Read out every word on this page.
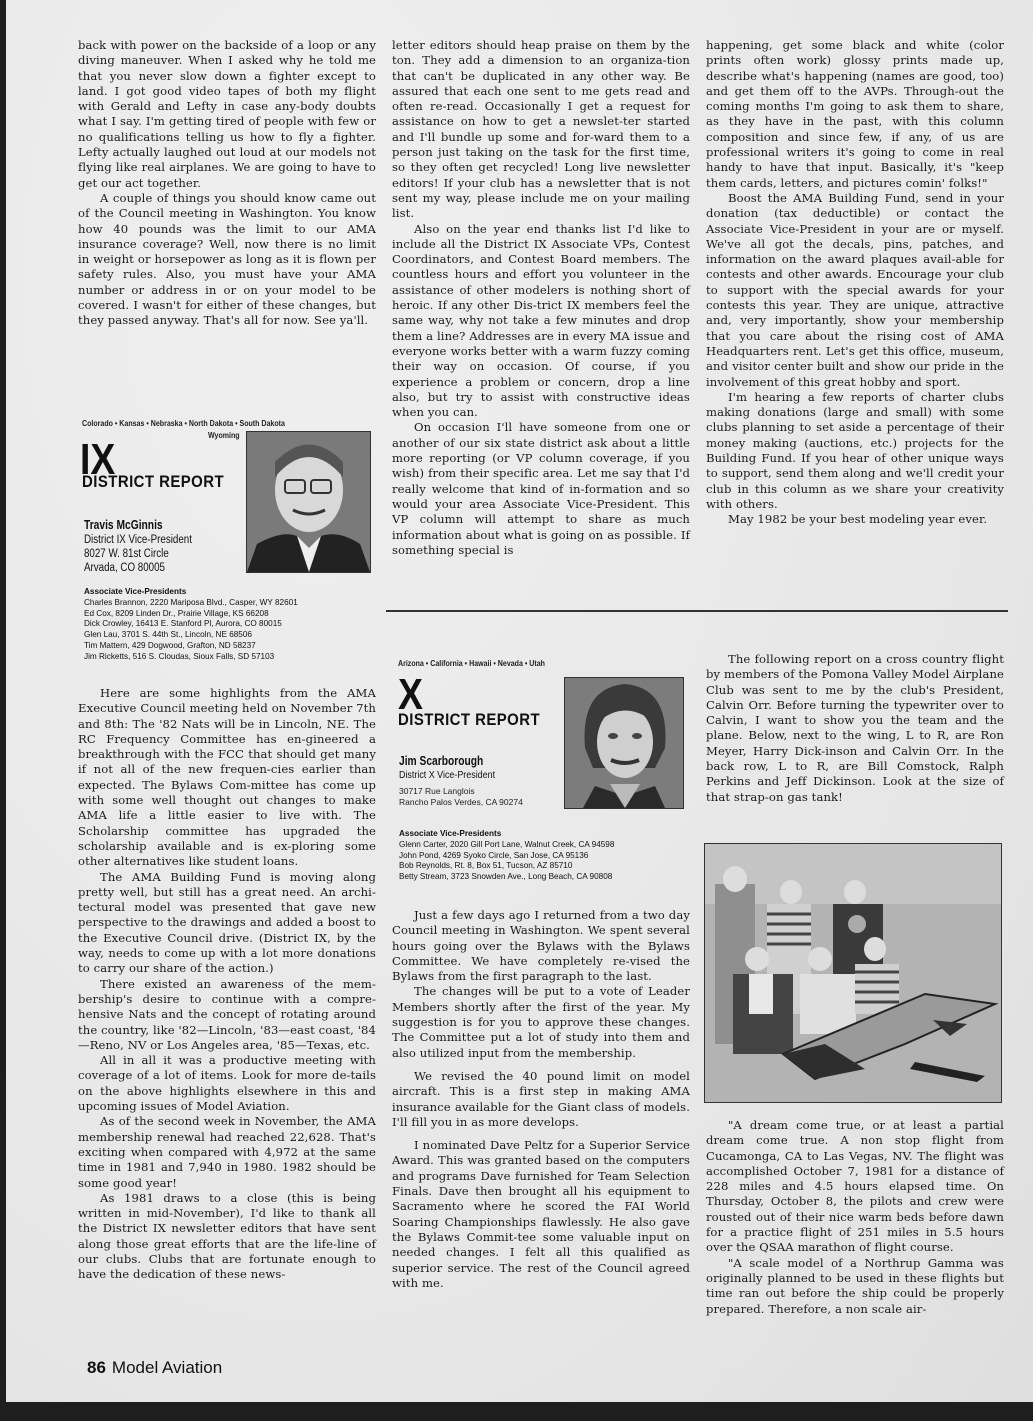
back with power on the backside of a loop or any diving maneuver. When I asked why he told me that you never slow down a fighter except to land. I got good video tapes of both my flight with Gerald and Lefty in case any-body doubts what I say. I'm getting tired of people with few or no qualifications telling us how to fly a fighter. Lefty actually laughed out loud at our models not flying like real airplanes. We are going to have to get our act together.

A couple of things you should know came out of the Council meeting in Washington. You know how 40 pounds was the limit to our AMA insurance coverage? Well, now there is no limit in weight or horsepower as long as it is flown per safety rules. Also, you must have your AMA number or address in or on your model to be covered. I wasn't for either of these changes, but they passed anyway. That's all for now. See ya'll.

Colorado • Kansas • Nebraska • North Dakota • South Dakota
Wyoming
IX
DISTRICT REPORT
Travis McGinnis
District IX Vice-President
8027 W. 81st Circle
Arvada, CO 80005
Associate Vice-Presidents
Charles Brannon, 2220 Mariposa Blvd., Casper, WY 82601
Ed Cox, 8209 Linden Dr., Prairie Village, KS 66208
Dick Crowley, 16413 E. Stanford Pl, Aurora, CO 80015
Glen Lau, 3701 S. 44th St., Lincoln, NE 68506
Tim Mattern, 429 Dogwood, Grafton, ND 58237
Jim Ricketts, 516 S. Cloudas, Sioux Falls, SD 57103

Here are some highlights from the AMA Executive Council meeting held on November 7th and 8th: The '82 Nats will be in Lincoln, NE. The RC Frequency Committee has en-gineered a breakthrough with the FCC that should get many if not all of the new frequen-cies earlier than expected. The Bylaws Com-mittee has come up with some well thought out changes to make AMA life a little easier to live with. The Scholarship committee has upgraded the scholarship available and is ex-ploring some other alternatives like student loans.

The AMA Building Fund is moving along pretty well, but still has a great need. An archi-tectural model was presented that gave new perspective to the drawings and added a boost to the Executive Council drive. (District IX, by the way, needs to come up with a lot more donations to carry our share of the action.)

There existed an awareness of the mem-bership's desire to continue with a compre-hensive Nats and the concept of rotating around the country, like '82—Lincoln, '83—east coast, '84—Reno, NV or Los Angeles area, '85—Texas, etc.

All in all it was a productive meeting with coverage of a lot of items. Look for more de-tails on the above highlights elsewhere in this and upcoming issues of Model Aviation.

As of the second week in November, the AMA membership renewal had reached 22,628. That's exciting when compared with 4,972 at the same time in 1981 and 7,940 in 1980. 1982 should be some good year!

As 1981 draws to a close (this is being written in mid-November), I'd like to thank all the District IX newsletter editors that have sent along those great efforts that are the life-line of our clubs. Clubs that are fortunate enough to have the dedication of these news-

letter editors should heap praise on them by the ton. They add a dimension to an organiza-tion that can't be duplicated in any other way. Be assured that each one sent to me gets read and often re-read. Occasionally I get a request for assistance on how to get a newslet-ter started and I'll bundle up some and for-ward them to a person just taking on the task for the first time, so they often get recycled! Long live newsletter editors! If your club has a newsletter that is not sent my way, please include me on your mailing list.

Also on the year end thanks list I'd like to include all the District IX Associate VPs, Contest Coordinators, and Contest Board members. The countless hours and effort you volunteer in the assistance of other modelers is nothing short of heroic. If any other Dis-trict IX members feel the same way, why not take a few minutes and drop them a line? Addresses are in every MA issue and everyone works better with a warm fuzzy coming their way on occasion. Of course, if you experience a problem or concern, drop a line also, but try to assist with constructive ideas when you can.

On occasion I'll have someone from one or another of our six state district ask about a little more reporting (or VP column coverage, if you wish) from their specific area. Let me say that I'd really welcome that kind of in-formation and so would your area Associate Vice-President. This VP column will attempt to share as much information about what is going on as possible. If something special is

happening, get some black and white (color prints often work) glossy prints made up, describe what's happening (names are good, too) and get them off to the AVPs. Through-out the coming months I'm going to ask them to share, as they have in the past, with this column composition and since few, if any, of us are professional writers it's going to come in real handy to have that input. Basically, it's "keep them cards, letters, and pictures comin' folks!"

Boost the AMA Building Fund, send in your donation (tax deductible) or contact the Associate Vice-President in your are or myself. We've all got the decals, pins, patches, and information on the award plaques avail-able for contests and other awards. Encourage your club to support with the special awards for your contests this year. They are unique, attractive and, very importantly, show your membership that you care about the rising cost of AMA Headquarters rent. Let's get this office, museum, and visitor center built and show our pride in the involvement of this great hobby and sport.

I'm hearing a few reports of charter clubs making donations (large and small) with some clubs planning to set aside a percentage of their money making (auctions, etc.) projects for the Building Fund. If you hear of other unique ways to support, send them along and we'll credit your club in this column as we share your creativity with others.

May 1982 be your best modeling year ever.

Arizona • California • Hawaii • Nevada • Utah
X
DISTRICT REPORT
Jim Scarborough
District X Vice-President
30717 Rue Langlois
Rancho Palos Verdes, CA 90274
Associate Vice-Presidents
Glenn Carter, 2020 Gill Port Lane, Walnut Creek, CA 94598
John Pond, 4269 Syoko Circle, San Jose, CA 95136
Bob Reynolds, Rt. 8, Box 51, Tucson, AZ 85710
Betty Stream, 3723 Snowden Ave., Long Beach, CA 90808

Just a few days ago I returned from a two day Council meeting in Washington. We spent several hours going over the Bylaws with the Bylaws Committee. We have completely re-vised the Bylaws from the first paragraph to the last.

The changes will be put to a vote of Leader Members shortly after the first of the year. My suggestion is for you to approve these changes. The Committee put a lot of study into them and also utilized input from the membership.

We revised the 40 pound limit on model aircraft. This is a first step in making AMA insurance available for the Giant class of models. I'll fill you in as more develops.

I nominated Dave Peltz for a Superior Service Award. This was granted based on the computers and programs Dave furnished for Team Selection Finals. Dave then brought all his equipment to Sacramento where he scored the FAI World Soaring Championships flawlessly. He also gave the Bylaws Commit-tee some valuable input on needed changes. I felt all this qualified as superior service. The rest of the Council agreed with me.

The following report on a cross country flight by members of the Pomona Valley Model Airplane Club was sent to me by the club's President, Calvin Orr. Before turning the typewriter over to Calvin, I want to show you the team and the plane. Below, next to the wing, L to R, are Ron Meyer, Harry Dick-inson and Calvin Orr. In the back row, L to R, are Bill Comstock, Ralph Perkins and Jeff Dickinson. Look at the size of that strap-on gas tank!

"A dream come true, or at least a partial dream come true. A non stop flight from Cucamonga, CA to Las Vegas, NV. The flight was accomplished October 7, 1981 for a distance of 228 miles and 4.5 hours elapsed time. On Thursday, October 8, the pilots and crew were rousted out of their nice warm beds before dawn for a practice flight of 251 miles in 5.5 hours over the QSAA marathon of flight course.

"A scale model of a Northrup Gamma was originally planned to be used in these flights but time ran out before the ship could be properly prepared. Therefore, a non scale air-

86 Model Aviation
